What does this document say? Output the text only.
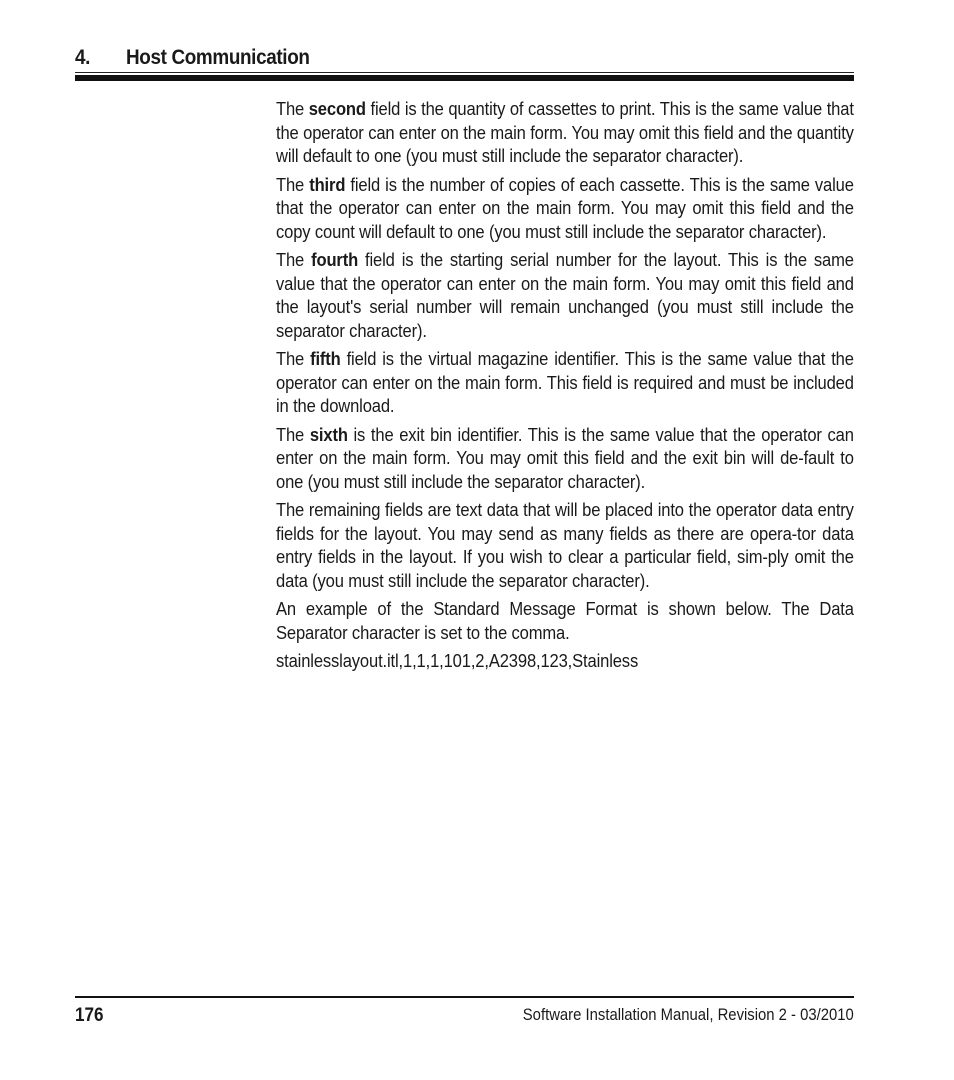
4. Host Communication

The second field is the quantity of cassettes to print. This is the same value that the operator can enter on the main form. You may omit this field and the quantity will default to one (you must still include the separator character).

The third field is the number of copies of each cassette. This is the same value that the operator can enter on the main form. You may omit this field and the copy count will default to one (you must still include the separator character).

The fourth field is the starting serial number for the layout. This is the same value that the operator can enter on the main form. You may omit this field and the layout's serial number will remain unchanged (you must still include the separator character).

The fifth field is the virtual magazine identifier. This is the same value that the operator can enter on the main form. This field is required and must be included in the download.

The sixth is the exit bin identifier. This is the same value that the operator can enter on the main form. You may omit this field and the exit bin will de-fault to one (you must still include the separator character).

The remaining fields are text data that will be placed into the operator data entry fields for the layout. You may send as many fields as there are opera-tor data entry fields in the layout. If you wish to clear a particular field, sim-ply omit the data (you must still include the separator character).

An example of the Standard Message Format is shown below. The Data Separator character is set to the comma.

stainlesslayout.itl,1,1,1,101,2,A2398,123,Stainless

176	Software Installation Manual, Revision 2 - 03/2010
